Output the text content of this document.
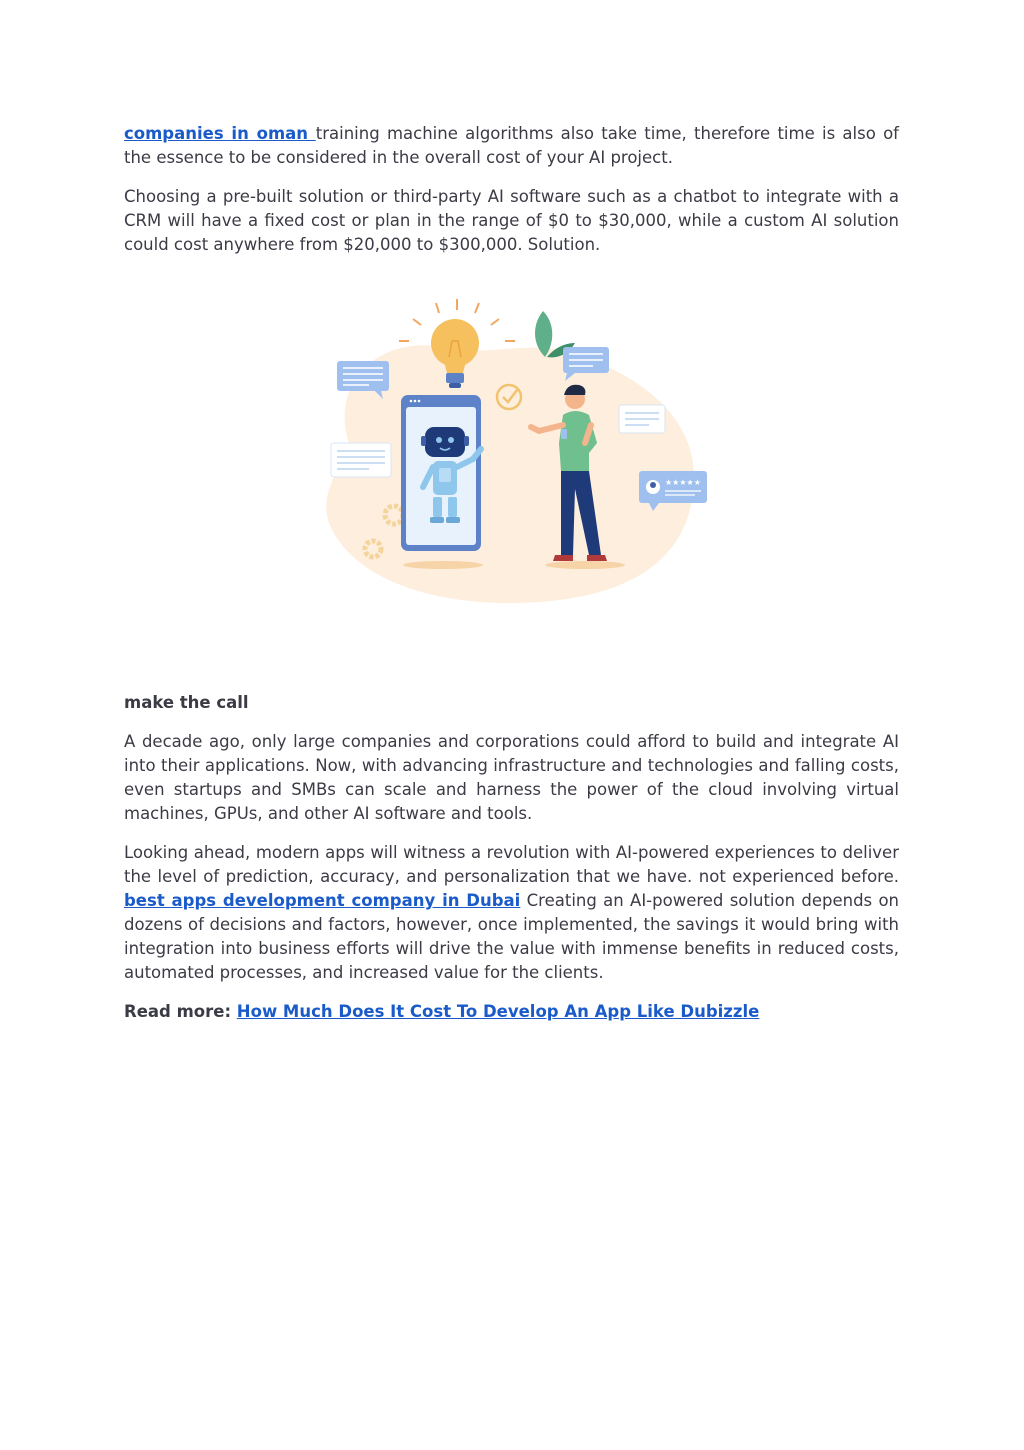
companies in oman training machine algorithms also take time, therefore time is also of the essence to be considered in the overall cost of your AI project.

Choosing a pre-built solution or third-party AI software such as a chatbot to integrate with a CRM will have a fixed cost or plan in the range of $0 to $30,000, while a custom AI solution could cost anywhere from $20,000 to $300,000. Solution.

★★★★★
make the call

A decade ago, only large companies and corporations could afford to build and integrate AI into their applications. Now, with advancing infrastructure and technologies and falling costs, even startups and SMBs can scale and harness the power of the cloud involving virtual machines, GPUs, and other AI software and tools.

Looking ahead, modern apps will witness a revolution with AI-powered experiences to deliver the level of prediction, accuracy, and personalization that we have. not experienced before. best apps development company in Dubai Creating an AI-powered solution depends on dozens of decisions and factors, however, once implemented, the savings it would bring with integration into business efforts will drive the value with immense benefits in reduced costs, automated processes, and increased value for the clients.

Read more: How Much Does It Cost To Develop An App Like Dubizzle
